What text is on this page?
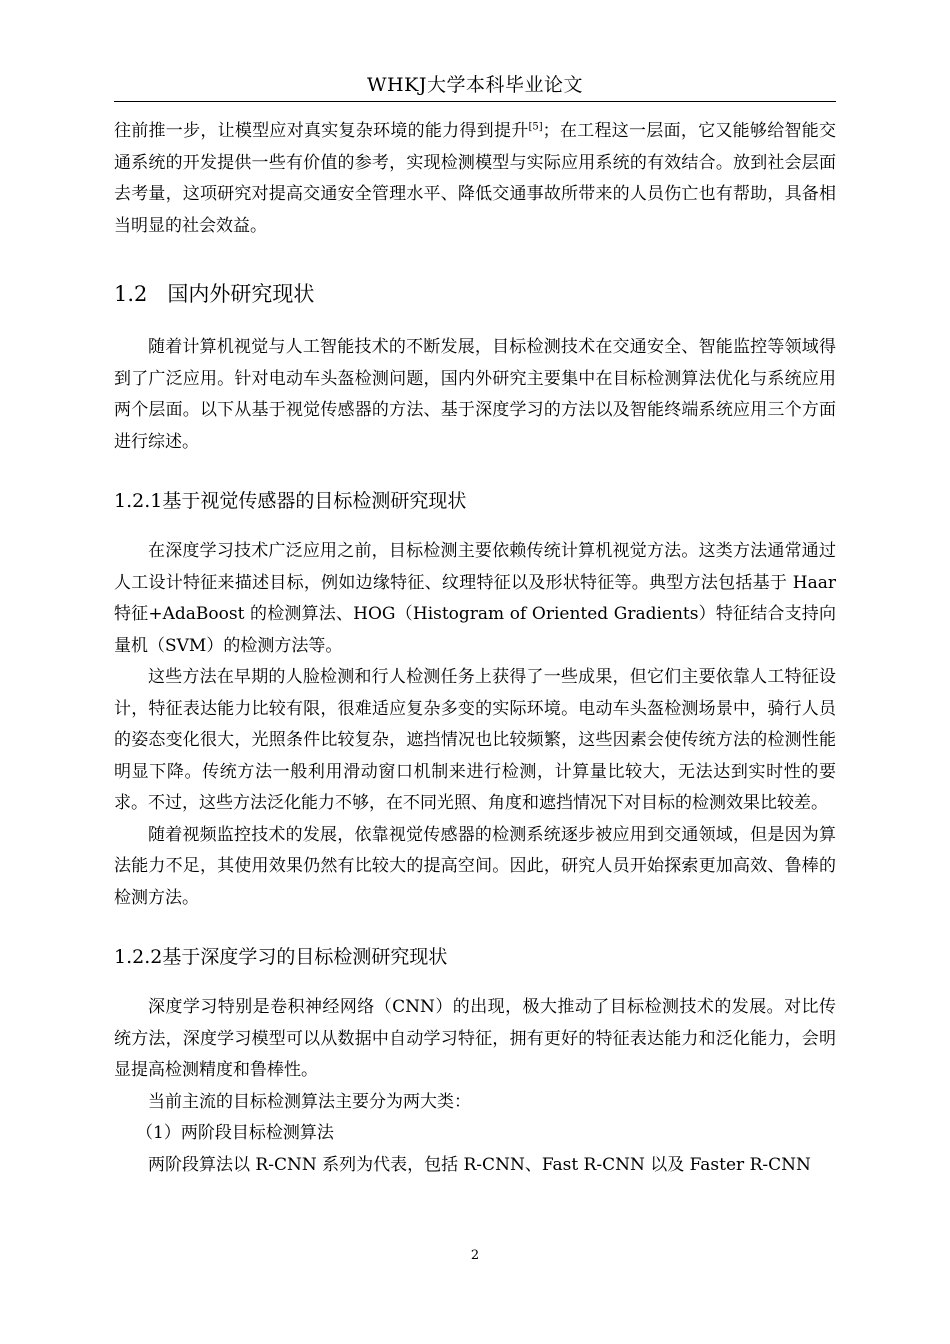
WHKJ大学本科毕业论文

往前推一步，让模型应对真实复杂环境的能力得到提升[5]；在工程这一层面，它又能够给智能交通系统的开发提供一些有价值的参考，实现检测模型与实际应用系统的有效结合。放到社会层面去考量，这项研究对提高交通安全管理水平、降低交通事故所带来的人员伤亡也有帮助，具备相当明显的社会效益。

1.2 国内外研究现状

随着计算机视觉与人工智能技术的不断发展，目标检测技术在交通安全、智能监控等领域得到了广泛应用。针对电动车头盔检测问题，国内外研究主要集中在目标检测算法优化与系统应用两个层面。以下从基于视觉传感器的方法、基于深度学习的方法以及智能终端系统应用三个方面进行综述。

1.2.1基于视觉传感器的目标检测研究现状

在深度学习技术广泛应用之前，目标检测主要依赖传统计算机视觉方法。这类方法通常通过人工设计特征来描述目标，例如边缘特征、纹理特征以及形状特征等。典型方法包括基于 Haar 特征+AdaBoost 的检测算法、HOG（Histogram of Oriented Gradients）特征结合支持向量机（SVM）的检测方法等。

这些方法在早期的人脸检测和行人检测任务上获得了一些成果，但它们主要依靠人工特征设计，特征表达能力比较有限，很难适应复杂多变的实际环境。电动车头盔检测场景中，骑行人员的姿态变化很大，光照条件比较复杂，遮挡情况也比较频繁，这些因素会使传统方法的检测性能明显下降。传统方法一般利用滑动窗口机制来进行检测，计算量比较大，无法达到实时性的要求。不过，这些方法泛化能力不够，在不同光照、角度和遮挡情况下对目标的检测效果比较差。

随着视频监控技术的发展，依靠视觉传感器的检测系统逐步被应用到交通领域，但是因为算法能力不足，其使用效果仍然有比较大的提高空间。因此，研究人员开始探索更加高效、鲁棒的检测方法。

1.2.2基于深度学习的目标检测研究现状

深度学习特别是卷积神经网络（CNN）的出现，极大推动了目标检测技术的发展。对比传统方法，深度学习模型可以从数据中自动学习特征，拥有更好的特征表达能力和泛化能力，会明显提高检测精度和鲁棒性。

当前主流的目标检测算法主要分为两大类：

（1）两阶段目标检测算法

两阶段算法以 R-CNN 系列为代表，包括 R-CNN、Fast R-CNN 以及 Faster R-CNN

2
